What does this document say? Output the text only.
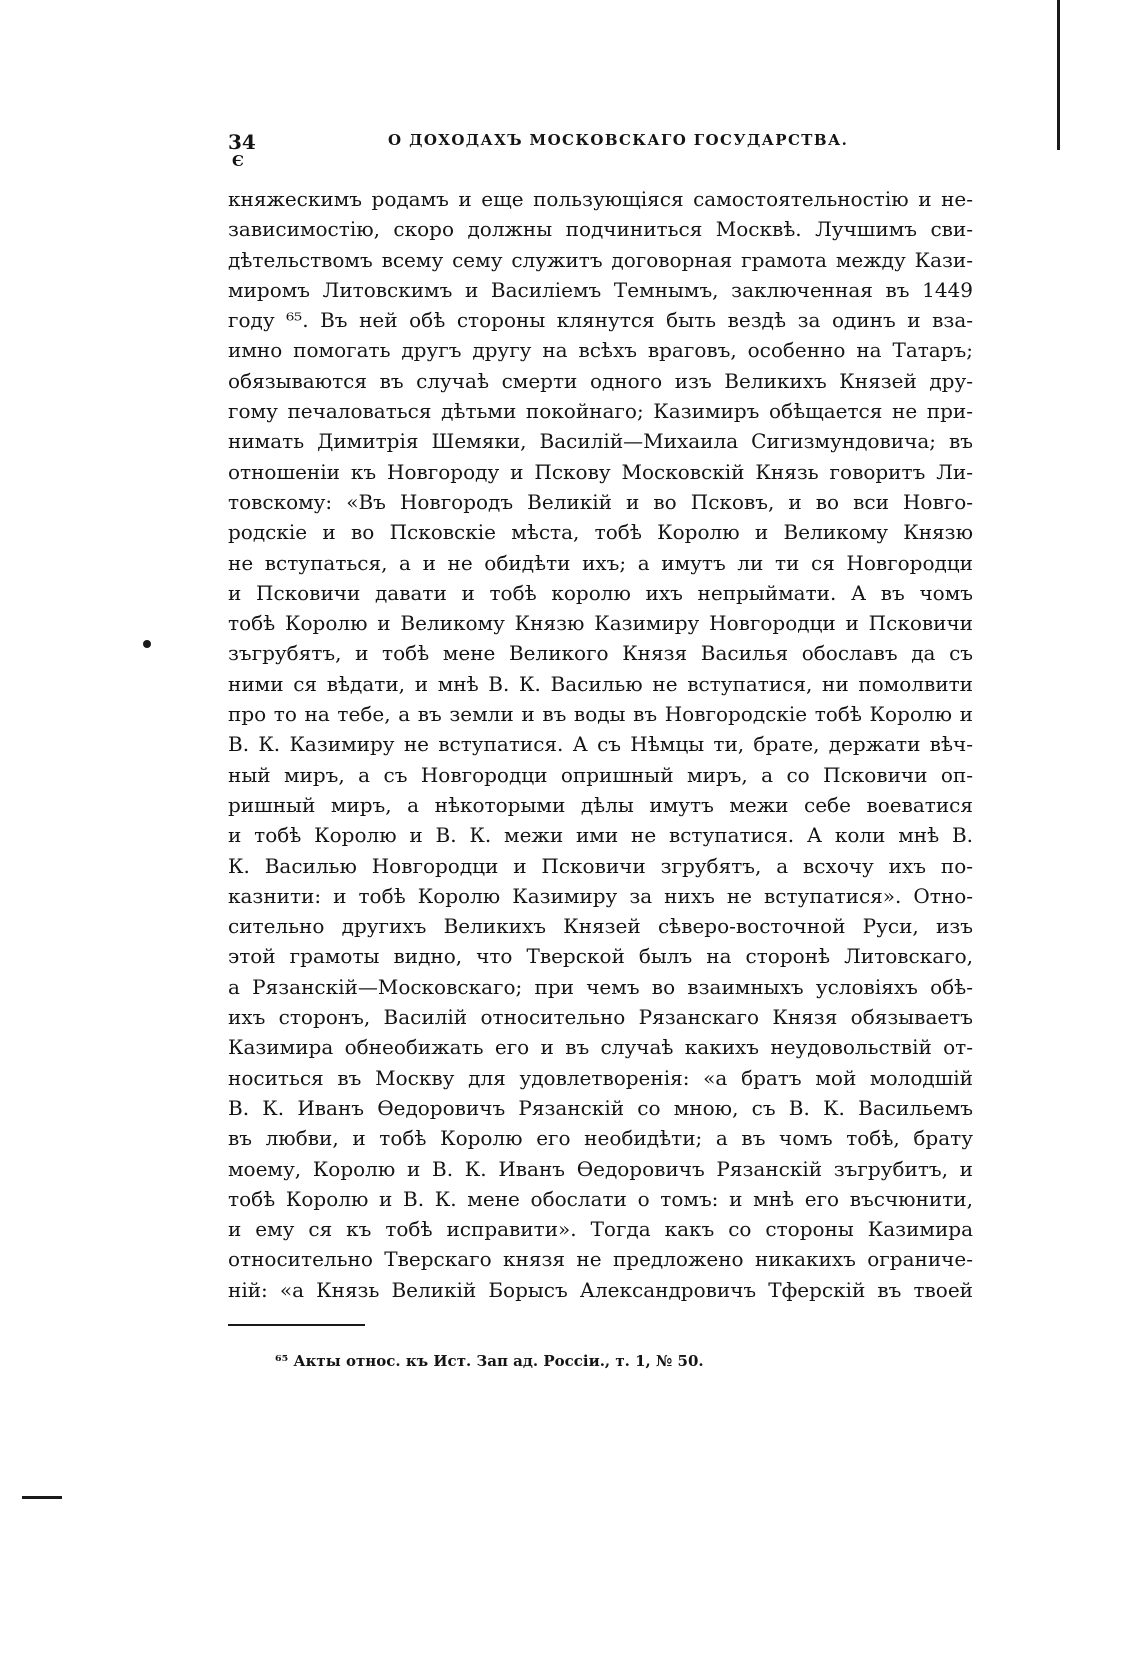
34
Є
О ДОХОДАХЪ МОСКОВСКАГО ГОСУДАРСТВА.
княжескимъ родамъ и еще пользующіяся самостоятельностію и не-
зависимостію, скоро должны подчиниться Москвѣ. Лучшимъ сви-
дѣтельствомъ всему сему служитъ договорная грамота между Кази-
миромъ Литовскимъ и Василіемъ Темнымъ, заключенная въ 1449
году ⁶⁵. Въ ней обѣ стороны клянутся быть вездѣ за одинъ и вза-
имно помогать другъ другу на всѣхъ враговъ, особенно на Татаръ;
обязываются въ случаѣ смерти одного изъ Великихъ Князей дру-
гому печаловаться дѣтьми покойнаго; Казимиръ обѣщается не при-
нимать Димитрія Шемяки, Василій—Михаила Сигизмундовича; въ
отношеніи къ Новгороду и Пскову Московскій Князь говоритъ Ли-
товскому: «Въ Новгородъ Великій и во Псковъ, и во вси Новго-
родскіе и во Псковскіе мѣста, тобѣ Королю и Великому Князю
не вступаться, а и не обидѣти ихъ; а имутъ ли ти ся Новгородци
и Псковичи давати и тобѣ королю ихъ непрыймати. А въ чомъ
тобѣ Королю и Великому Князю Казимиру Новгородци и Псковичи
зъгрубятъ, и тобѣ мене Великого Князя Василья обославъ да съ
ними ся вѣдати, и мнѣ В. К. Василью не вступатися, ни помолвити
про то на тебе, а въ земли и въ воды въ Новгородскіе тобѣ Королю и
В. К. Казимиру не вступатися. А съ Нѣмцы ти, брате, держати вѣч-
ный миръ, а съ Новгородци опришный миръ, а со Псковичи оп-
ришный миръ, а нѣкоторыми дѣлы имутъ межи себе воеватися
и тобѣ Королю и В. К. межи ими не вступатися. А коли мнѣ В.
К. Василью Новгородци и Псковичи згрубятъ, а всхочу ихъ по-
казнити: и тобѣ Королю Казимиру за нихъ не вступатися». Отно-
сительно другихъ Великихъ Князей сѣверо-восточной Руси, изъ
этой грамоты видно, что Тверской былъ на сторонѣ Литовскаго,
а Рязанскій—Московскаго; при чемъ во взаимныхъ условіяхъ обѣ-
ихъ сторонъ, Василій относительно Рязанскаго Князя обязываетъ
Казимира обнеобижать его и въ случаѣ какихъ неудовольствій от-
носиться въ Москву для удовлетворенія: «а братъ мой молодшій
В. К. Иванъ Ѳедоровичъ Рязанскій со мною, съ В. К. Васильемъ
въ любви, и тобѣ Королю его необидѣти; а въ чомъ тобѣ, брату
моему, Королю и В. К. Иванъ Ѳедоровичъ Рязанскій зъгрубитъ, и
тобѣ Королю и В. К. мене обослати о томъ: и мнѣ его въсчюнити,
и ему ся къ тобѣ исправити». Тогда какъ со стороны Казимира
относительно Тверскаго князя не предложено никакихъ ограниче-
ній: «а Князь Великій Борысъ Александровичъ Тферскій въ твоей
⁶⁵ Акты относ. къ Ист. Зап ад. Россіи., т. 1, № 50.
